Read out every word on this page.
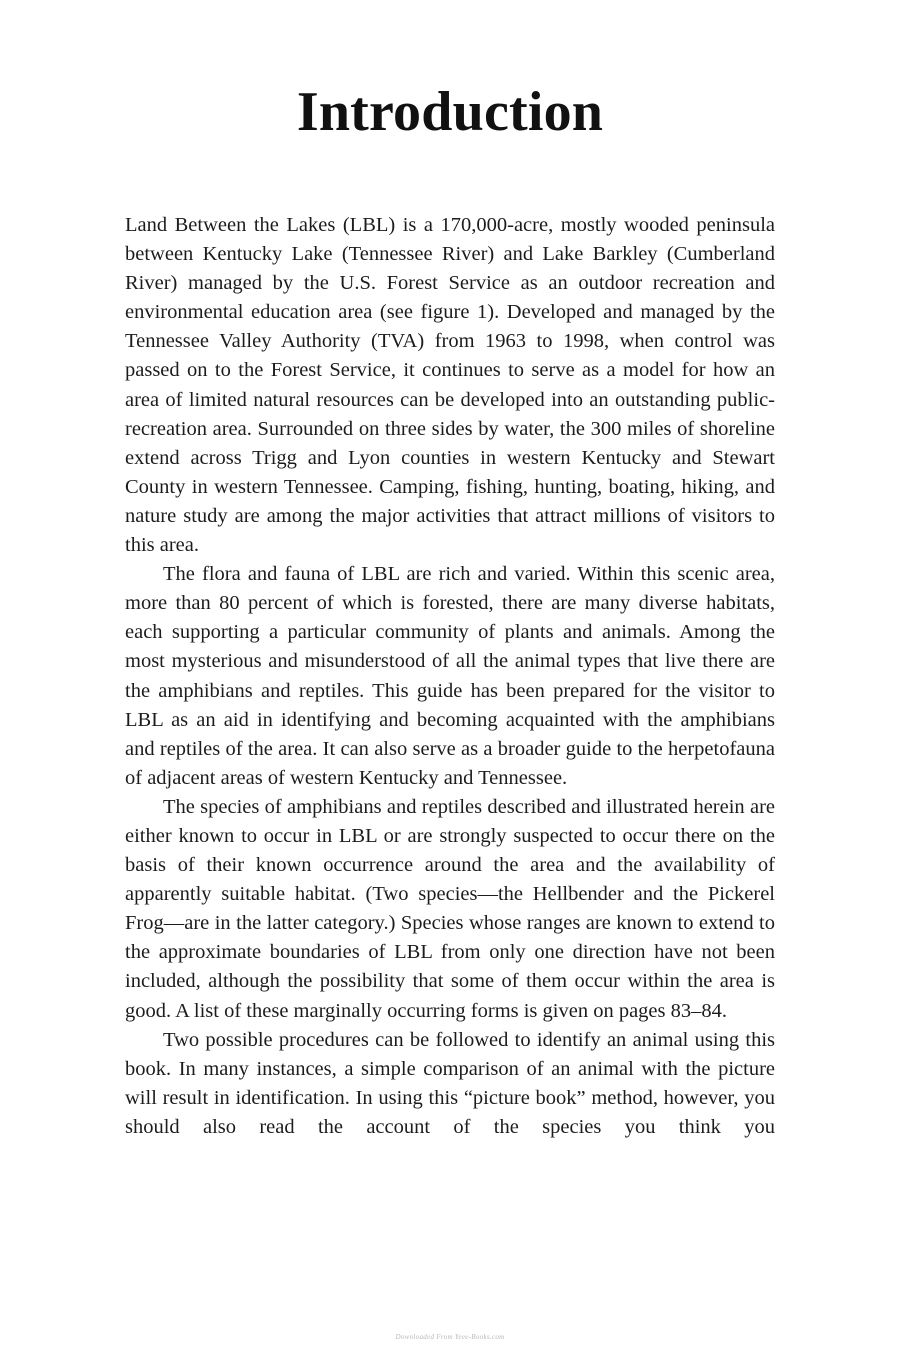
Introduction

Land Between the Lakes (LBL) is a 170,000-acre, mostly wooded peninsula between Kentucky Lake (Tennessee River) and Lake Barkley (Cumberland River) managed by the U.S. Forest Service as an outdoor recreation and environmental education area (see figure 1). Developed and managed by the Tennessee Valley Authority (TVA) from 1963 to 1998, when control was passed on to the Forest Service, it continues to serve as a model for how an area of limited natural resources can be developed into an outstanding public-recreation area. Surrounded on three sides by water, the 300 miles of shoreline extend across Trigg and Lyon counties in western Kentucky and Stewart County in western Tennessee. Camping, fishing, hunting, boating, hiking, and nature study are among the major activities that attract millions of visitors to this area.

The flora and fauna of LBL are rich and varied. Within this scenic area, more than 80 percent of which is forested, there are many diverse habitats, each supporting a particular community of plants and animals. Among the most mysterious and misunderstood of all the animal types that live there are the amphibians and reptiles. This guide has been prepared for the visitor to LBL as an aid in identifying and becoming acquainted with the amphibians and reptiles of the area. It can also serve as a broader guide to the herpetofauna of adjacent areas of western Kentucky and Tennessee.

The species of amphibians and reptiles described and illustrated herein are either known to occur in LBL or are strongly suspected to occur there on the basis of their known occurrence around the area and the availability of apparently suitable habitat. (Two species—the Hellbender and the Pickerel Frog—are in the latter category.) Species whose ranges are known to extend to the approximate boundaries of LBL from only one direction have not been included, although the possibility that some of them occur within the area is good. A list of these marginally occurring forms is given on pages 83–84.

Two possible procedures can be followed to identify an animal using this book. In many instances, a simple comparison of an animal with the picture will result in identification. In using this “picture book” method, however, you should also read the account of the species you think you

Downloaded From Yeee-Books.com
